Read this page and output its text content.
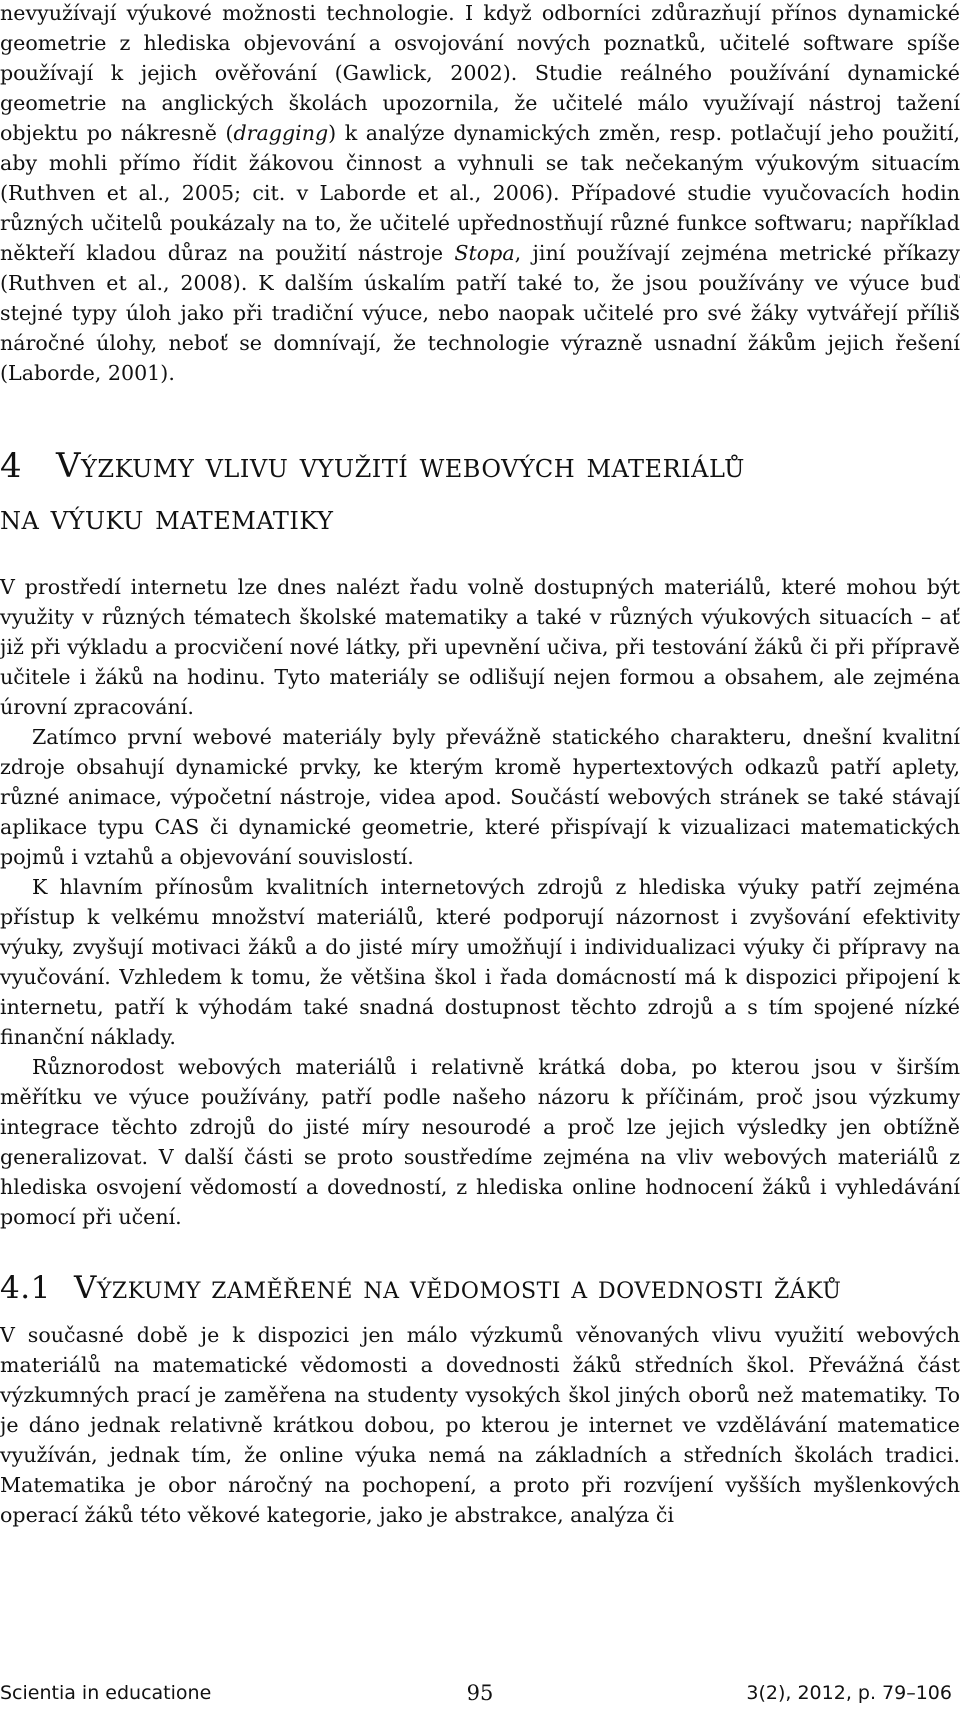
nevyužívají výukové možnosti technologie. I když odborníci zdůrazňují přínos dynamické geometrie z hlediska objevování a osvojování nových poznatků, učitelé software spíše používají k jejich ověřování (Gawlick, 2002). Studie reálného používání dynamické geometrie na anglických školách upozornila, že učitelé málo využívají nástroj tažení objektu po nákresně (dragging) k analýze dynamických změn, resp. potlačují jeho použití, aby mohli přímo řídit žákovou činnost a vyhnuli se tak nečekaným výukovým situacím (Ruthven et al., 2005; cit. v Laborde et al., 2006). Případové studie vyučovacích hodin různých učitelů poukázaly na to, že učitelé upřednostňují různé funkce softwaru; například někteří kladou důraz na použití nástroje Stopa, jiní používají zejména metrické příkazy (Ruthven et al., 2008). K dalším úskalím patří také to, že jsou používány ve výuce buď stejné typy úloh jako při tradiční výuce, nebo naopak učitelé pro své žáky vytvářejí příliš náročné úlohy, neboť se domnívají, že technologie výrazně usnadní žákům jejich řešení (Laborde, 2001).

4 Výzkumy vlivu využití webových materiálů
na výuku matematiky

V prostředí internetu lze dnes nalézt řadu volně dostupných materiálů, které mohou být využity v různých tématech školské matematiky a také v různých výukových situacích – ať již při výkladu a procvičení nové látky, při upevnění učiva, při testování žáků či při přípravě učitele i žáků na hodinu. Tyto materiály se odlišují nejen formou a obsahem, ale zejména úrovní zpracování.

Zatímco první webové materiály byly převážně statického charakteru, dnešní kvalitní zdroje obsahují dynamické prvky, ke kterým kromě hypertextových odkazů patří aplety, různé animace, výpočetní nástroje, videa apod. Součástí webových stránek se také stávají aplikace typu CAS či dynamické geometrie, které přispívají k vizualizaci matematických pojmů i vztahů a objevování souvislostí.

K hlavním přínosům kvalitních internetových zdrojů z hlediska výuky patří zejména přístup k velkému množství materiálů, které podporují názornost i zvyšování efektivity výuky, zvyšují motivaci žáků a do jisté míry umožňují i individualizaci výuky či přípravy na vyučování. Vzhledem k tomu, že většina škol i řada domácností má k dispozici připojení k internetu, patří k výhodám také snadná dostupnost těchto zdrojů a s tím spojené nízké finanční náklady.

Různorodost webových materiálů i relativně krátká doba, po kterou jsou v širším měřítku ve výuce používány, patří podle našeho názoru k příčinám, proč jsou výzkumy integrace těchto zdrojů do jisté míry nesourodé a proč lze jejich výsledky jen obtížně generalizovat. V další části se proto soustředíme zejména na vliv webových materiálů z hlediska osvojení vědomostí a dovedností, z hlediska online hodnocení žáků i vyhledávání pomocí při učení.

4.1 Výzkumy zaměřené na vědomosti a dovednosti žáků

V současné době je k dispozici jen málo výzkumů věnovaných vlivu využití webových materiálů na matematické vědomosti a dovednosti žáků středních škol. Převážná část výzkumných prací je zaměřena na studenty vysokých škol jiných oborů než matematiky. To je dáno jednak relativně krátkou dobou, po kterou je internet ve vzdělávání matematice využíván, jednak tím, že online výuka nemá na základních a středních školách tradici. Matematika je obor náročný na pochopení, a proto při rozvíjení vyšších myšlenkových operací žáků této věkové kategorie, jako je abstrakce, analýza či

Scientia in educatione	95	3(2), 2012, p. 79–106
